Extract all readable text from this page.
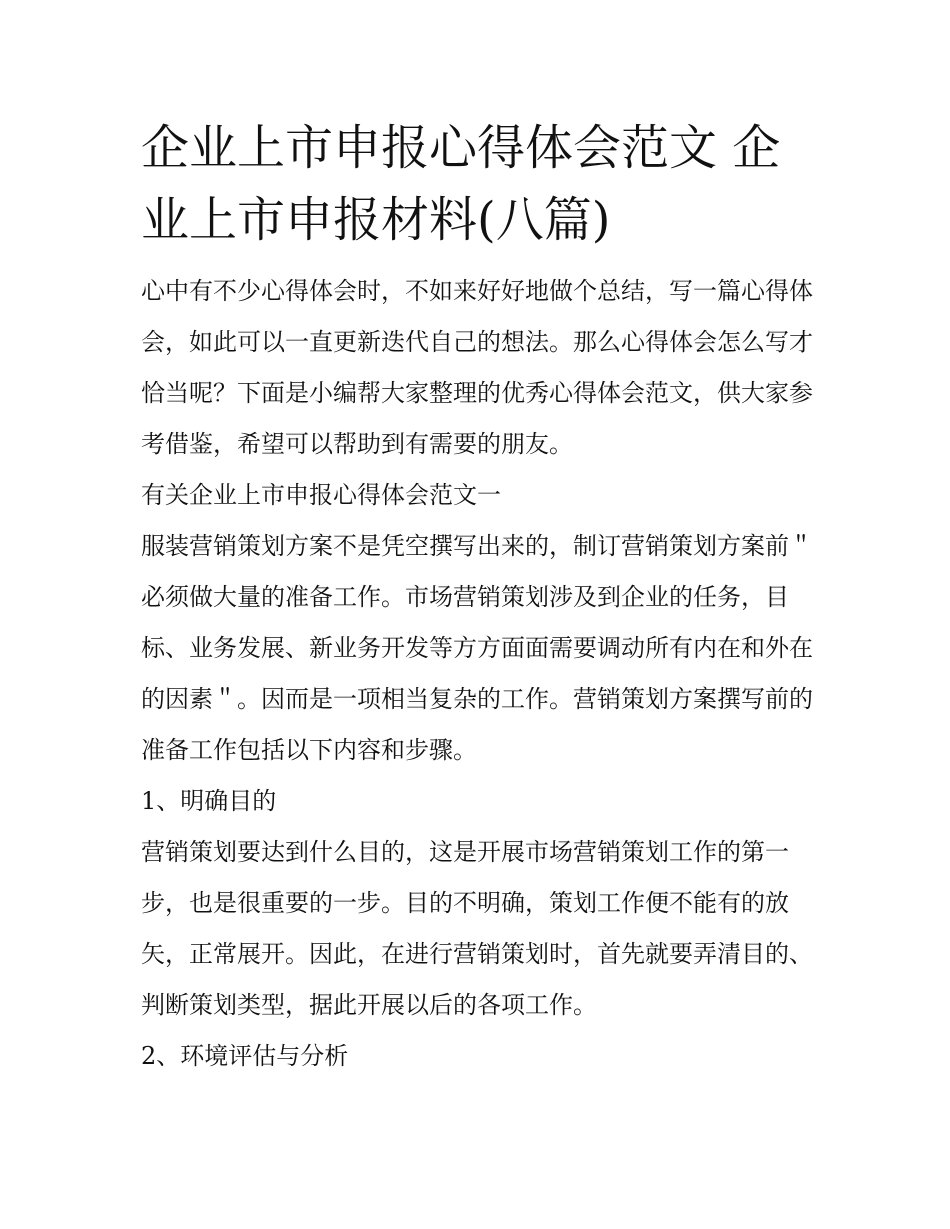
企业上市申报心得体会范文 企业上市申报材料(八篇)

心中有不少心得体会时，不如来好好地做个总结，写一篇心得体会，如此可以一直更新迭代自己的想法。那么心得体会怎么写才恰当呢？下面是小编帮大家整理的优秀心得体会范文，供大家参考借鉴，希望可以帮助到有需要的朋友。

有关企业上市申报心得体会范文一

服装营销策划方案不是凭空撰写出来的，制订营销策划方案前＂必须做大量的准备工作。市场营销策划涉及到企业的任务，目标、业务发展、新业务开发等方方面面需要调动所有内在和外在的因素＂。因而是一项相当复杂的工作。营销策划方案撰写前的准备工作包括以下内容和步骤。

1、明确目的

营销策划要达到什么目的，这是开展市场营销策划工作的第一步，也是很重要的一步。目的不明确，策划工作便不能有的放矢，正常展开。因此，在进行营销策划时，首先就要弄清目的、判断策划类型，据此开展以后的各项工作。

2、环境评估与分析
